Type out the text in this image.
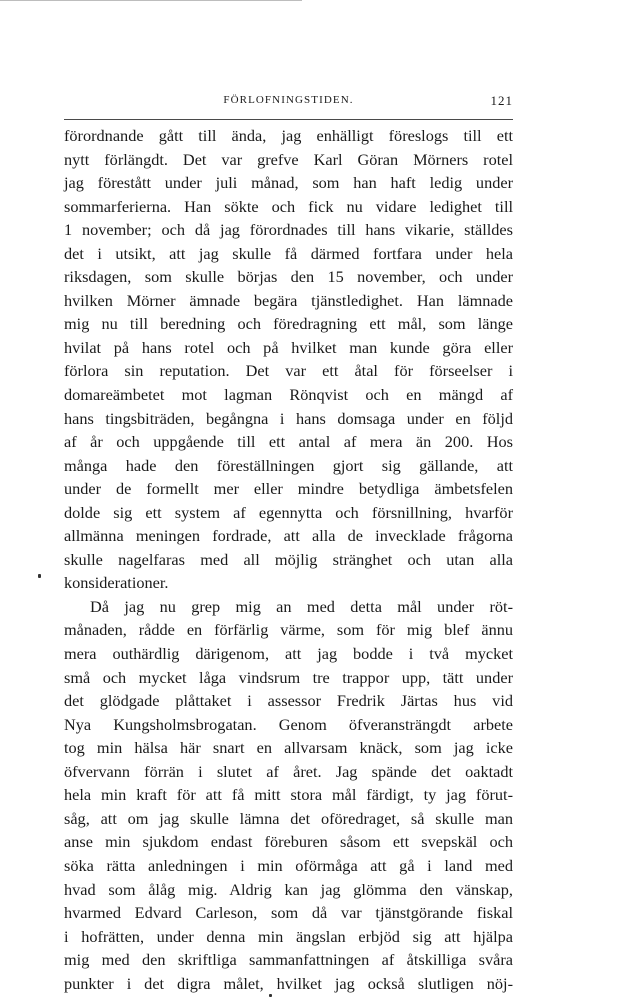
FÖRLOFNINGSTIDEN.	121
förordnande gått till ända, jag enhälligt föreslogs till ett
nytt förlängdt. Det var grefve Karl Göran Mörners rotel
jag förestått under juli månad, som han haft ledig under
sommarferierna. Han sökte och fick nu vidare ledighet till
1 november; och då jag förordnades till hans vikarie, ställdes
det i utsikt, att jag skulle få därmed fortfara under hela
riksdagen, som skulle börjas den 15 november, och under
hvilken Mörner ämnade begära tjänstledighet. Han lämnade
mig nu till beredning och föredragning ett mål, som länge
hvilat på hans rotel och på hvilket man kunde göra eller
förlora sin reputation. Det var ett åtal för förseelser i
domareämbetet mot lagman Rönqvist och en mängd af
hans tingsbiträden, begångna i hans domsaga under en följd
af år och uppgående till ett antal af mera än 200. Hos
många hade den föreställningen gjort sig gällande, att
under de formellt mer eller mindre betydliga ämbetsfelen
dolde sig ett system af egennytta och försnillning, hvarför
allmänna meningen fordrade, att alla de invecklade frågorna
skulle nagelfaras med all möjlig stränghet och utan alla
konsiderationer.
Då jag nu grep mig an med detta mål under röt-
månaden, rådde en förfärlig värme, som för mig blef ännu
mera outhärdlig därigenom, att jag bodde i två mycket
små och mycket låga vindsrum tre trappor upp, tätt under
det glödgade plåttaket i assessor Fredrik Järtas hus vid
Nya Kungsholmsbrogatan. Genom öfveransträngdt arbete
tog min hälsa här snart en allvarsam knäck, som jag icke
öfvervann förrän i slutet af året. Jag spände det oaktadt
hela min kraft för att få mitt stora mål färdigt, ty jag förut-
såg, att om jag skulle lämna det oföredraget, så skulle man
anse min sjukdom endast föreburen såsom ett svepskäl och
söka rätta anledningen i min oförmåga att gå i land med
hvad som ålåg mig. Aldrig kan jag glömma den vänskap,
hvarmed Edvard Carleson, som då var tjänstgörande fiskal
i hofrätten, under denna min ängslan erbjöd sig att hjälpa
mig med den skriftliga sammanfattningen af åtskilliga svåra
punkter i det digra målet, hvilket jag också slutligen nöj-
